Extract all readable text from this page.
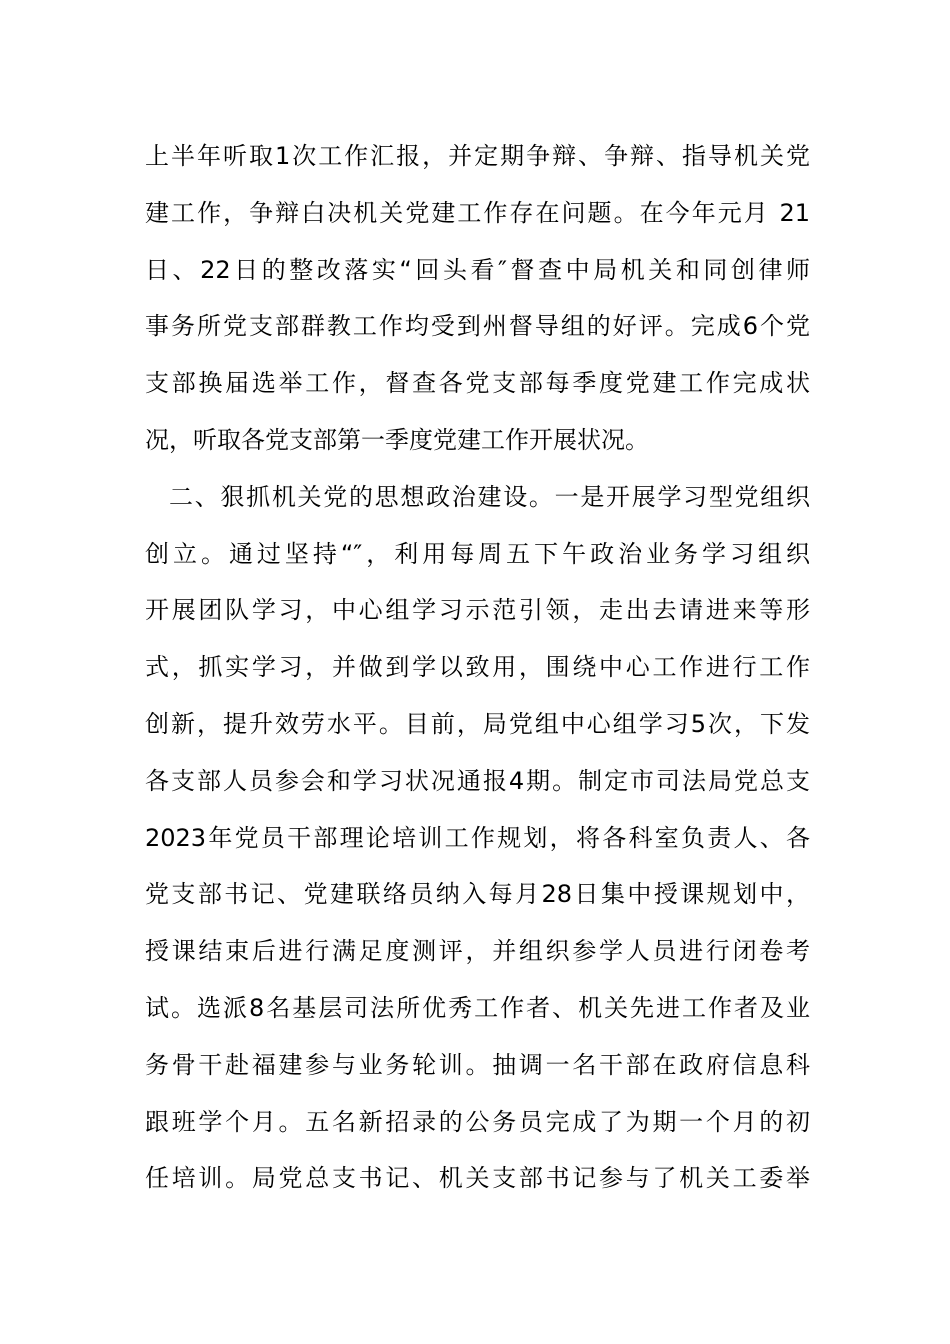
上半年听取1次工作汇报，并定期争辩、争辩、指导机关党
建工作，争辩白决机关党建工作存在问题。在今年元月 21
日、22日的整改落实“回头看″督查中局机关和同创律师
事务所党支部群教工作均受到州督导组的好评。完成6个党
支部换届选举工作，督查各党支部每季度党建工作完成状
况，听取各党支部第一季度党建工作开展状况。
二、狠抓机关党的思想政治建设。一是开展学习型党组织
创立。通过坚持“″，利用每周五下午政治业务学习组织
开展团队学习，中心组学习示范引领，走出去请进来等形
式，抓实学习，并做到学以致用，围绕中心工作进行工作
创新，提升效劳水平。目前，局党组中心组学习5次，下发
各支部人员参会和学习状况通报4期。制定市司法局党总支
2023年党员干部理论培训工作规划，将各科室负责人、各
党支部书记、党建联络员纳入每月28日集中授课规划中，
授课结束后进行满足度测评，并组织参学人员进行闭卷考
试。选派8名基层司法所优秀工作者、机关先进工作者及业
务骨干赴福建参与业务轮训。抽调一名干部在政府信息科
跟班学个月。五名新招录的公务员完成了为期一个月的初
任培训。局党总支书记、机关支部书记参与了机关工委举
